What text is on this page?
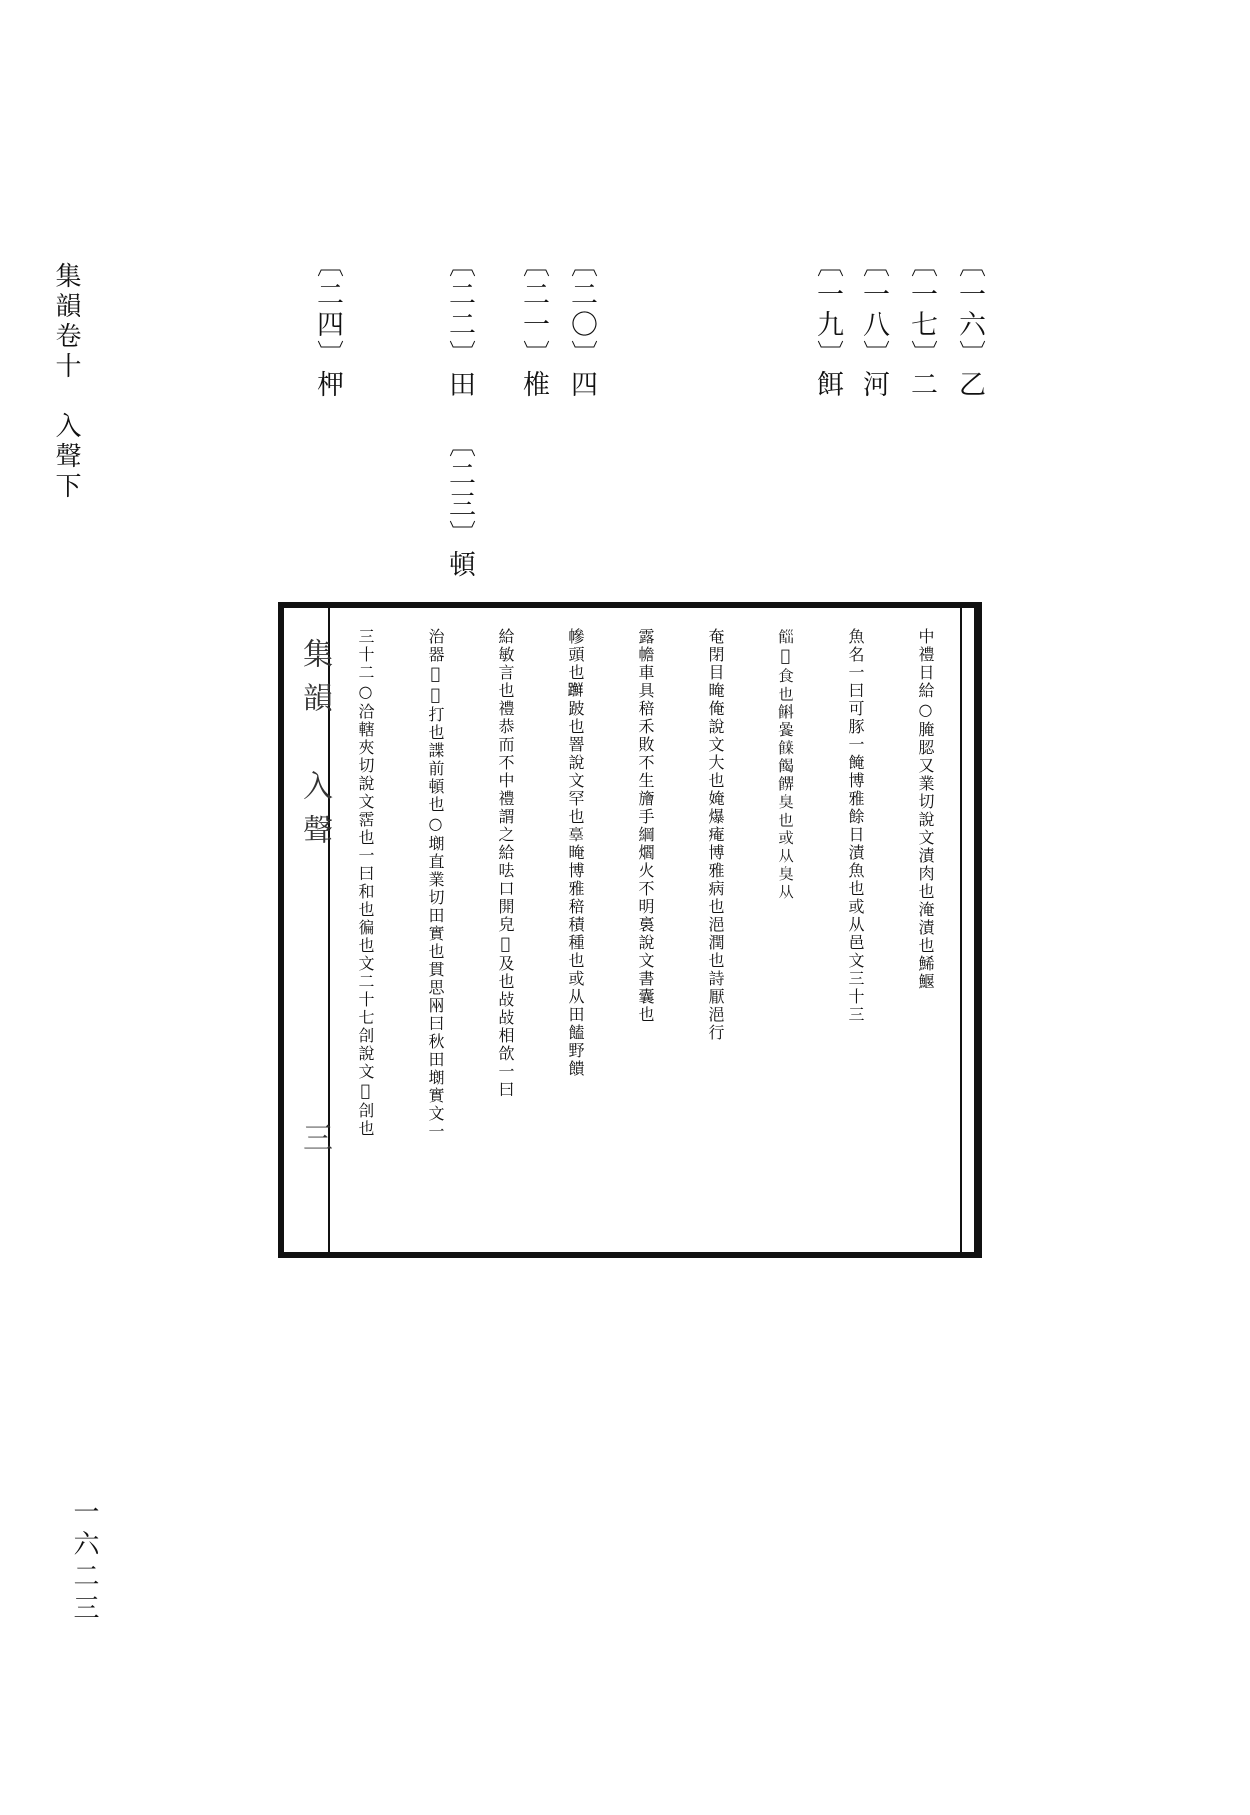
集韻卷十　入聲下
一六二三
〔一六〕乙
〔一七〕二
〔一八〕河
〔一九〕餌
〔二〇〕四
〔二一〕椎
〔二二〕田
〔二三〕頓
〔二四〕柙
集韻　入聲　　　　　　三	中禮日給○腌䏰又業切說文漬肉也淹漬也鯑鰋
魚名一曰可豚一餣博雅餘日漬魚也或从邑文三十三
𩛋𩜺食也𩜭𩜻𩝀餲𩝁臭也或从臭从
奄閉目晻俺說文大也㛪爆痷博雅病也浥潤也詩厭浥行
露幨車具稖禾敗不生旝手綱爓火不明裛說文書囊也
幓頭也𨇤跛也罯說文罕也𦎧晻博雅稖積種也或从田饁野饋
給敏言也禮恭而不中禮謂之給呿口開皃𢺮及也敁敁相欱一曰
治器𣜝𢱝打也諜前頓也○㙟直業切田實也貫思㒳曰秋田㙟實文一
三十二○洽轄夾切說文霑也一曰和也徧也文二十七㓣說文𠢨㓣也
